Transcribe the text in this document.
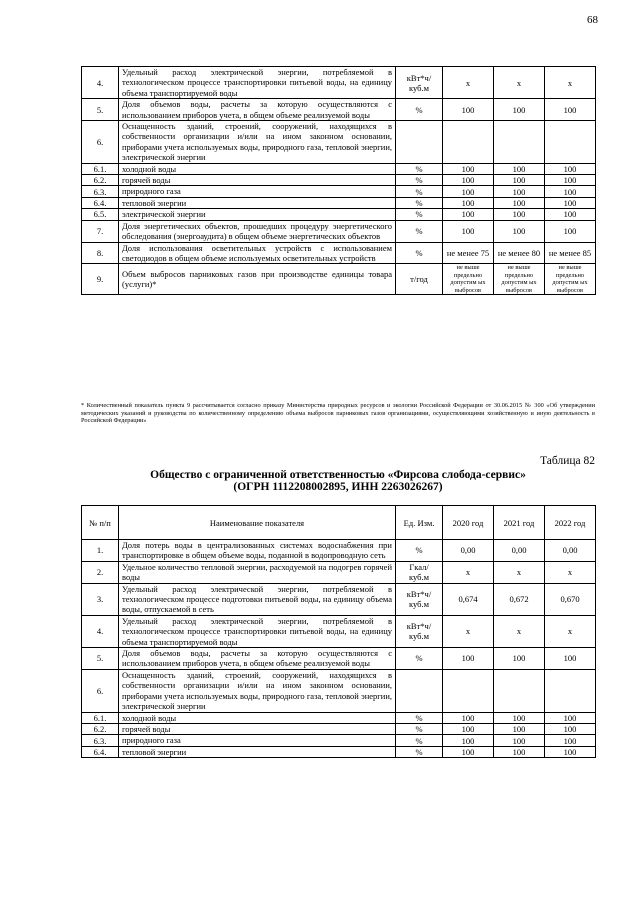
68
4.	Удельный расход электрической энергии, потребляемой в технологическом процессе транспортировки питьевой воды, на единицу объема транспортируемой воды	кВт*ч/ куб.м	х	х	х
5.	Доля объемов воды, расчеты за которую осуществляются с использованием приборов учета, в общем объеме реализуемой воды	%	100	100	100
6.	Оснащенность зданий, строений, сооружений, находящихся в собственности организации и/или на ином законном основании, приборами учета используемых воды, природного газа, тепловой энергии, электрической энергии				
6.1.	холодной воды	%	100	100	100
6.2.	горячей воды	%	100	100	100
6.3.	природного газа	%	100	100	100
6.4.	тепловой энергии	%	100	100	100
6.5.	электрической энергии	%	100	100	100
7.	Доля энергетических объектов, прошедших процедуру энергетического обследования (энергоаудита) в общем объеме энергетических объектов	%	100	100	100
8.	Доля использования осветительных устройств с использованием светодиодов в общем объеме используемых осветительных устройств	%	не менее 75	не менее 80	не менее 85
9.	Объем выбросов парниковых газов при производстве единицы товара (услуги)*	т/год	не выше предельно допустим ых выбросов	не выше предельно допустим ых выбросов	не выше предельно допустим ых выбросов
* Количественный показатель пункта 9 рассчитывается согласно приказу Министерства природных ресурсов и экологии Российской Федерации от 30.06.2015 № 300 «Об утверждении методических указаний и руководства по количественному определению объема выбросов парниковых газов организациями, осуществляющими хозяйственную и иную деятельность в Российской Федерации»
Таблица 82
Общество с ограниченной ответственностью «Фирсова слобода-сервис»
(ОГРН 1112208002895, ИНН 2263026267)
№ п/п	Наименование показателя	Ед. Изм.	2020 год	2021 год	2022 год
1.	Доля потерь воды в централизованных системах водоснабжения при транспортировке в общем объеме воды, поданной в водопроводную сеть	%	0,00	0,00	0,00
2.	Удельное количество тепловой энергии, расходуемой на подогрев горячей воды	Гкал/ куб.м	х	х	х
3.	Удельный расход электрической энергии, потребляемой в технологическом процессе подготовки питьевой воды, на единицу объема воды, отпускаемой в сеть	кВт*ч/ куб.м	0,674	0,672	0,670
4.	Удельный расход электрической энергии, потребляемой в технологическом процессе транспортировки питьевой воды, на единицу объема транспортируемой воды	кВт*ч/ куб.м	х	х	х
5.	Доля объемов воды, расчеты за которую осуществляются с использованием приборов учета, в общем объеме реализуемой воды	%	100	100	100
6.	Оснащенность зданий, строений, сооружений, находящихся в собственности организации и/или на ином законном основании, приборами учета используемых воды, природного газа, тепловой энергии, электрической энергии				
6.1.	холодной воды	%	100	100	100
6.2.	горячей воды	%	100	100	100
6.3.	природного газа	%	100	100	100
6.4.	тепловой энергии	%	100	100	100
